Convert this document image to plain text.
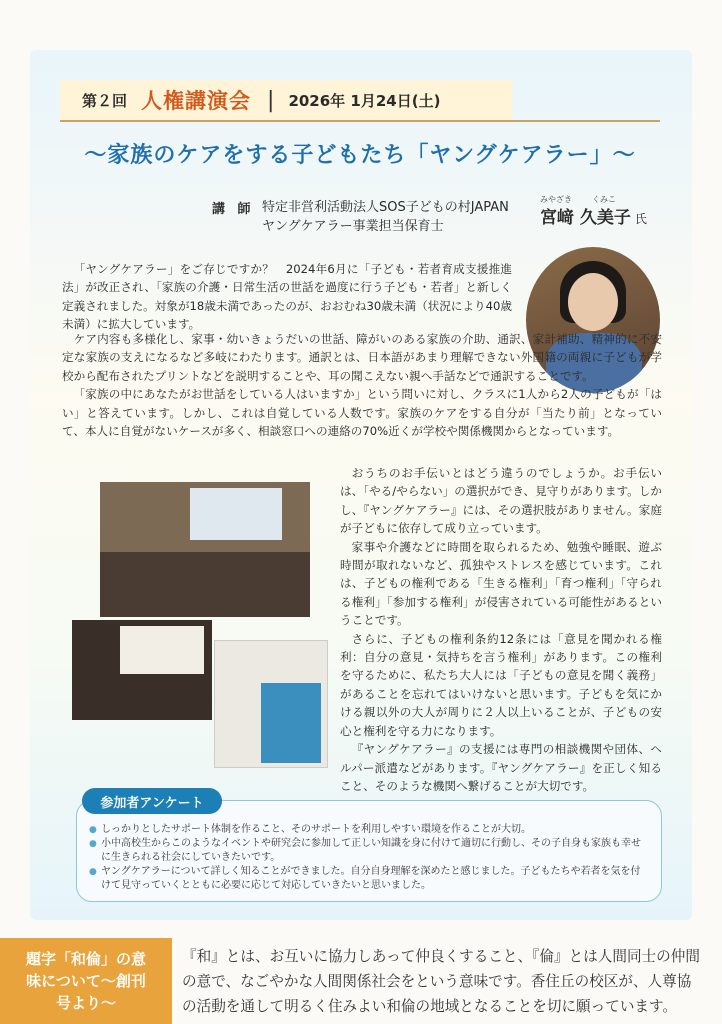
第２回 人権講演会 | 2026年 1月24日(土)
〜家族のケアをする子どもたち「ヤングケアラー」〜
講 師 特定非営利活動法人SOS子どもの村JAPAN
ヤングケアラー事業担当保育士
みやざき	くみこ
宮﨑 久美子 氏

「ヤングケアラー」をご存じですか？　2024年6月に「子ども・若者育成支援推進法」が改正され、「家族の介護・日常生活の世話を過度に行う子ども・若者」と新しく定義されました。対象が18歳未満であったのが、おおむね30歳未満（状況により40歳未満）に拡大しています。

ケア内容も多様化し、家事・幼いきょうだいの世話、障がいのある家族の介助、通訳、家計補助、精神的に不安定な家族の支えになるなど多岐にわたります。通訳とは、日本語があまり理解できない外国籍の両親に子どもが学校から配布されたプリントなどを説明することや、耳の聞こえない親へ手話などで通訳することです。

「家族の中にあなたがお世話をしている人はいますか」という問いに対し、クラスに1人から2人の子どもが「はい」と答えています。しかし、これは自覚している人数です。家族のケアをする自分が「当たり前」となっていて、本人に自覚がないケースが多く、相談窓口への連絡の70%近くが学校や関係機関からとなっています。

おうちのお手伝いとはどう違うのでしょうか。お手伝いは、「やる/やらない」の選択ができ、見守りがあります。しかし、『ヤングケアラー』には、その選択肢がありません。家庭が子どもに依存して成り立っています。

家事や介護などに時間を取られるため、勉強や睡眠、遊ぶ時間が取れないなど、孤独やストレスを感じています。これは、子どもの権利である「生きる権利」「育つ権利」「守られる権利」「参加する権利」が侵害されている可能性があるということです。

さらに、子どもの権利条約12条には「意見を聞かれる権利：自分の意見・気持ちを言う権利」があります。この権利を守るために、私たち大人には「子どもの意見を聞く義務」があることを忘れてはいけないと思います。子どもを気にかける親以外の大人が周りに２人以上いることが、子どもの安心と権利を守る力になります。

『ヤングケアラー』の支援には専門の相談機関や団体、ヘルパー派遣などがあります。『ヤングケアラー』を正しく知ること、そのような機関へ繋げることが大切です。

● しっかりとしたサポート体制を作ること、そのサポートを利用しやすい環境を作ることが大切。
● 小中高校生からこのようなイベントや研究会に参加して正しい知識を身に付けて適切に行動し、その子自身も家族も幸せに生きられる社会にしていきたいです。
● ヤングケアラーについて詳しく知ることができました。自分自身理解を深めたと感じました。子どもたちや若者を気を付けて見守っていくとともに必要に応じて対応していきたいと思いました。
参加者アンケート
題字「和倫」の意味について〜創刊号より〜
『和』とは、お互いに協力しあって仲良くすること、『倫』とは人間同士の仲間の意で、なごやかな人間関係社会をという意味です。香住丘の校区が、人尊協の活動を通して明るく住みよい和倫の地域となることを切に願っています。
